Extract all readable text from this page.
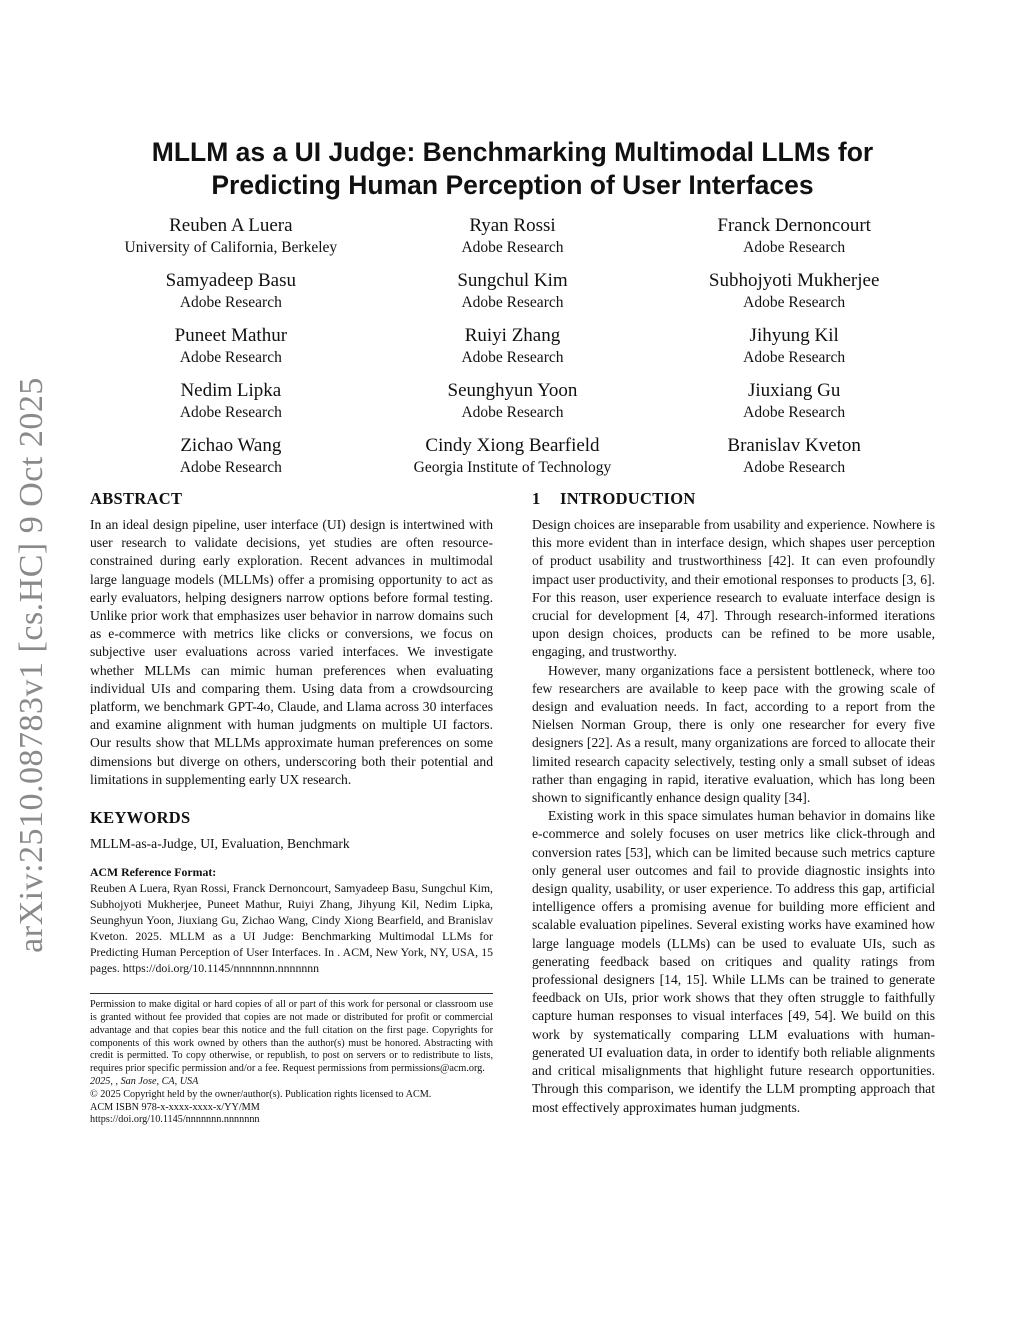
arXiv:2510.08783v1 [cs.HC] 9 Oct 2025
MLLM as a UI Judge: Benchmarking Multimodal LLMs for
Predicting Human Perception of User Interfaces
Reuben A Luera
University of California, Berkeley
Ryan Rossi
Adobe Research
Franck Dernoncourt
Adobe Research
Samyadeep Basu
Adobe Research
Sungchul Kim
Adobe Research
Subhojyoti Mukherjee
Adobe Research
Puneet Mathur
Adobe Research
Ruiyi Zhang
Adobe Research
Jihyung Kil
Adobe Research
Nedim Lipka
Adobe Research
Seunghyun Yoon
Adobe Research
Jiuxiang Gu
Adobe Research
Zichao Wang
Adobe Research
Cindy Xiong Bearfield
Georgia Institute of Technology
Branislav Kveton
Adobe Research
ABSTRACT

In an ideal design pipeline, user interface (UI) design is intertwined with user research to validate decisions, yet studies are often resource-constrained during early exploration. Recent advances in multimodal large language models (MLLMs) offer a promising opportunity to act as early evaluators, helping designers narrow options before formal testing. Unlike prior work that emphasizes user behavior in narrow domains such as e-commerce with metrics like clicks or conversions, we focus on subjective user evaluations across varied interfaces. We investigate whether MLLMs can mimic human preferences when evaluating individual UIs and comparing them. Using data from a crowdsourcing platform, we benchmark GPT-4o, Claude, and Llama across 30 interfaces and examine alignment with human judgments on multiple UI factors. Our results show that MLLMs approximate human preferences on some dimensions but diverge on others, underscoring both their potential and limitations in supplementing early UX research.

KEYWORDS

MLLM-as-a-Judge, UI, Evaluation, Benchmark

ACM Reference Format:

Reuben A Luera, Ryan Rossi, Franck Dernoncourt, Samyadeep Basu, Sungchul Kim, Subhojyoti Mukherjee, Puneet Mathur, Ruiyi Zhang, Jihyung Kil, Nedim Lipka, Seunghyun Yoon, Jiuxiang Gu, Zichao Wang, Cindy Xiong Bearfield, and Branislav Kveton. 2025. MLLM as a UI Judge: Benchmarking Multimodal LLMs for Predicting Human Perception of User Interfaces. In . ACM, New York, NY, USA, 15 pages. https://doi.org/10.1145/nnnnnnn.nnnnnnn

Permission to make digital or hard copies of all or part of this work for personal or classroom use is granted without fee provided that copies are not made or distributed for profit or commercial advantage and that copies bear this notice and the full citation on the first page. Copyrights for components of this work owned by others than the author(s) must be honored. Abstracting with credit is permitted. To copy otherwise, or republish, to post on servers or to redistribute to lists, requires prior specific permission and/or a fee. Request permissions from permissions@acm.org.

2025, , San Jose, CA, USA

© 2025 Copyright held by the owner/author(s). Publication rights licensed to ACM.

ACM ISBN 978-x-xxxx-xxxx-x/YY/MM

https://doi.org/10.1145/nnnnnnn.nnnnnnn

1 INTRODUCTION

Design choices are inseparable from usability and experience. Nowhere is this more evident than in interface design, which shapes user perception of product usability and trustworthiness [42]. It can even profoundly impact user productivity, and their emotional responses to products [3, 6]. For this reason, user experience research to evaluate interface design is crucial for development [4, 47]. Through research-informed iterations upon design choices, products can be refined to be more usable, engaging, and trustworthy.

However, many organizations face a persistent bottleneck, where too few researchers are available to keep pace with the growing scale of design and evaluation needs. In fact, according to a report from the Nielsen Norman Group, there is only one researcher for every five designers [22]. As a result, many organizations are forced to allocate their limited research capacity selectively, testing only a small subset of ideas rather than engaging in rapid, iterative evaluation, which has long been shown to significantly enhance design quality [34].

Existing work in this space simulates human behavior in domains like e-commerce and solely focuses on user metrics like click-through and conversion rates [53], which can be limited because such metrics capture only general user outcomes and fail to provide diagnostic insights into design quality, usability, or user experience. To address this gap, artificial intelligence offers a promising avenue for building more efficient and scalable evaluation pipelines. Several existing works have examined how large language models (LLMs) can be used to evaluate UIs, such as generating feedback based on critiques and quality ratings from professional designers [14, 15]. While LLMs can be trained to generate feedback on UIs, prior work shows that they often struggle to faithfully capture human responses to visual interfaces [49, 54]. We build on this work by systematically comparing LLM evaluations with human-generated UI evaluation data, in order to identify both reliable alignments and critical misalignments that highlight future research opportunities. Through this comparison, we identify the LLM prompting approach that most effectively approximates human judgments.
